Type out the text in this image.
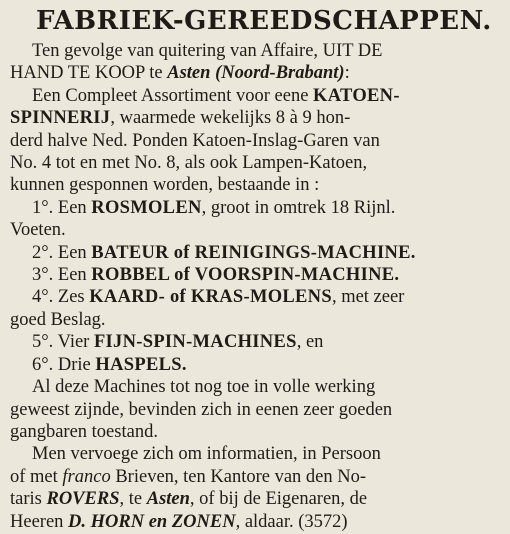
FABRIEK-GEREEDSCHAPPEN.
Ten gevolge van quitering van Affaire, UIT DE
HAND TE KOOP te Asten (Noord-Brabant):
Een Compleet Assortiment voor eene KATOEN-
SPINNERIJ, waarmede wekelijks 8 à 9 hon-
derd halve Ned. Ponden Katoen-Inslag-Garen van
No. 4 tot en met No. 8, als ook Lampen-Katoen,
kunnen gesponnen worden, bestaande in :
1°. Een ROSMOLEN, groot in omtrek 18 Rijnl.
Voeten.
2°. Een BATEUR of REINIGINGS-MACHINE.
3°. Een ROBBEL of VOORSPIN-MACHINE.
4°. Zes KAARD- of KRAS-MOLENS, met zeer
goed Beslag.
5°. Vier FIJN-SPIN-MACHINES, en
6°. Drie HASPELS.
Al deze Machines tot nog toe in volle werking
geweest zijnde, bevinden zich in eenen zeer goeden
gangbaren toestand.
Men vervoege zich om informatien, in Persoon
of met franco Brieven, ten Kantore van den No-
taris ROVERS, te Asten, of bij de Eigenaren, de
Heeren D. HORN en ZONEN, aldaar. (3572)
